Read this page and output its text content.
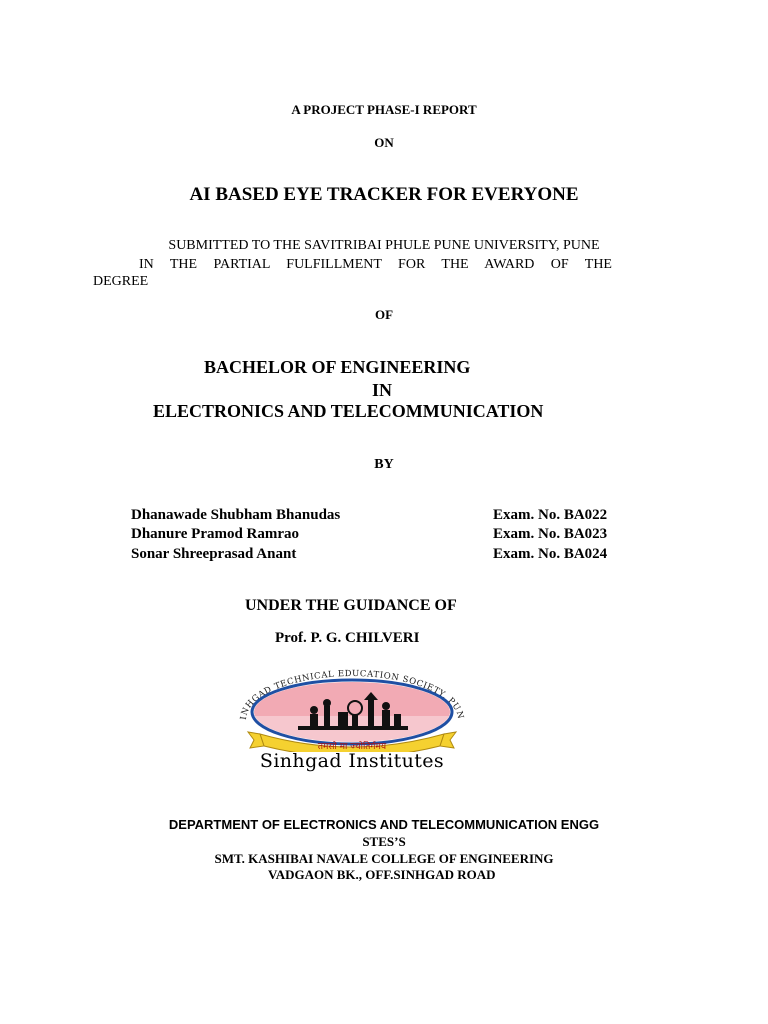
A PROJECT PHASE-I REPORT
ON
AI BASED EYE TRACKER FOR EVERYONE
SUBMITTED TO THE SAVITRIBAI PHULE PUNE UNIVERSITY, PUNE
IN THE PARTIAL FULFILLMENT FOR THE AWARD OF THE
DEGREE
OF
BACHELOR OF ENGINEERING
IN
ELECTRONICS AND TELECOMMUNICATION
BY
Dhanawade Shubham Bhanudas	Exam. No. BA022
Dhanure Pramod Ramrao	Exam. No. BA023
Sonar Shreeprasad Anant	Exam. No. BA024
UNDER THE GUIDANCE OF
Prof. P. G. CHILVERI
INHGAD TECHNICAL EDUCATION SOCIETY, PUN
तमसो मा ज्योतिर्गमय
Sinhgad Institutes
DEPARTMENT OF ELECTRONICS AND TELECOMMUNICATION ENGG
STES’S
SMT. KASHIBAI NAVALE COLLEGE OF ENGINEERING
VADGAON BK., OFF.SINHGAD ROAD
